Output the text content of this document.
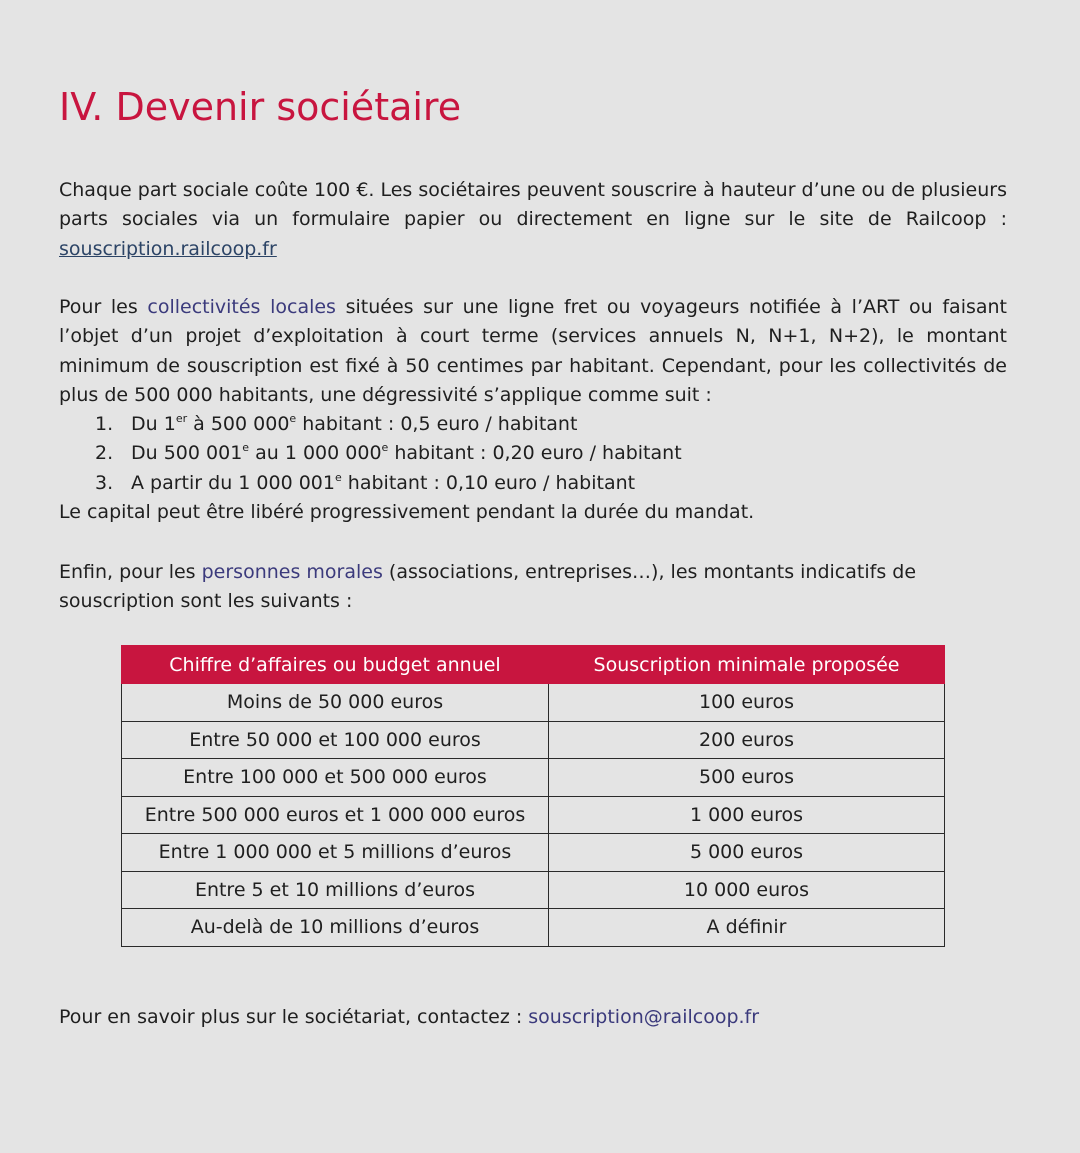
IV. Devenir sociétaire

Chaque part sociale coûte 100 €. Les sociétaires peuvent souscrire à hauteur d’une ou de plusieurs parts sociales via un formulaire papier ou directement en ligne sur le site de Railcoop : souscription.railcoop.fr

Pour les collectivités locales situées sur une ligne fret ou voyageurs notifiée à l’ART ou faisant l’objet d’un projet d’exploitation à court terme (services annuels N, N+1, N+2), le montant minimum de souscription est fixé à 50 centimes par habitant. Cependant, pour les collectivités de plus de 500 000 habitants, une dégressivité s’applique comme suit :
1. Du 1er à 500 000e habitant : 0,5 euro / habitant
2. Du 500 001e au 1 000 000e habitant : 0,20 euro / habitant
3. A partir du 1 000 001e habitant : 0,10 euro / habitant
Le capital peut être libéré progressivement pendant la durée du mandat.

Enfin, pour les personnes morales (associations, entreprises…), les montants indicatifs de souscription sont les suivants :

Chiffre d’affaires ou budget annuel	Souscription minimale proposée
Moins de 50 000 euros	100 euros
Entre 50 000 et 100 000 euros	200 euros
Entre 100 000 et 500 000 euros	500 euros
Entre 500 000 euros et 1 000 000 euros	1 000 euros
Entre 1 000 000 et 5 millions d’euros	5 000 euros
Entre 5 et 10 millions d’euros	10 000 euros
Au-delà de 10 millions d’euros	A définir

Pour en savoir plus sur le sociétariat, contactez : souscription@railcoop.fr
